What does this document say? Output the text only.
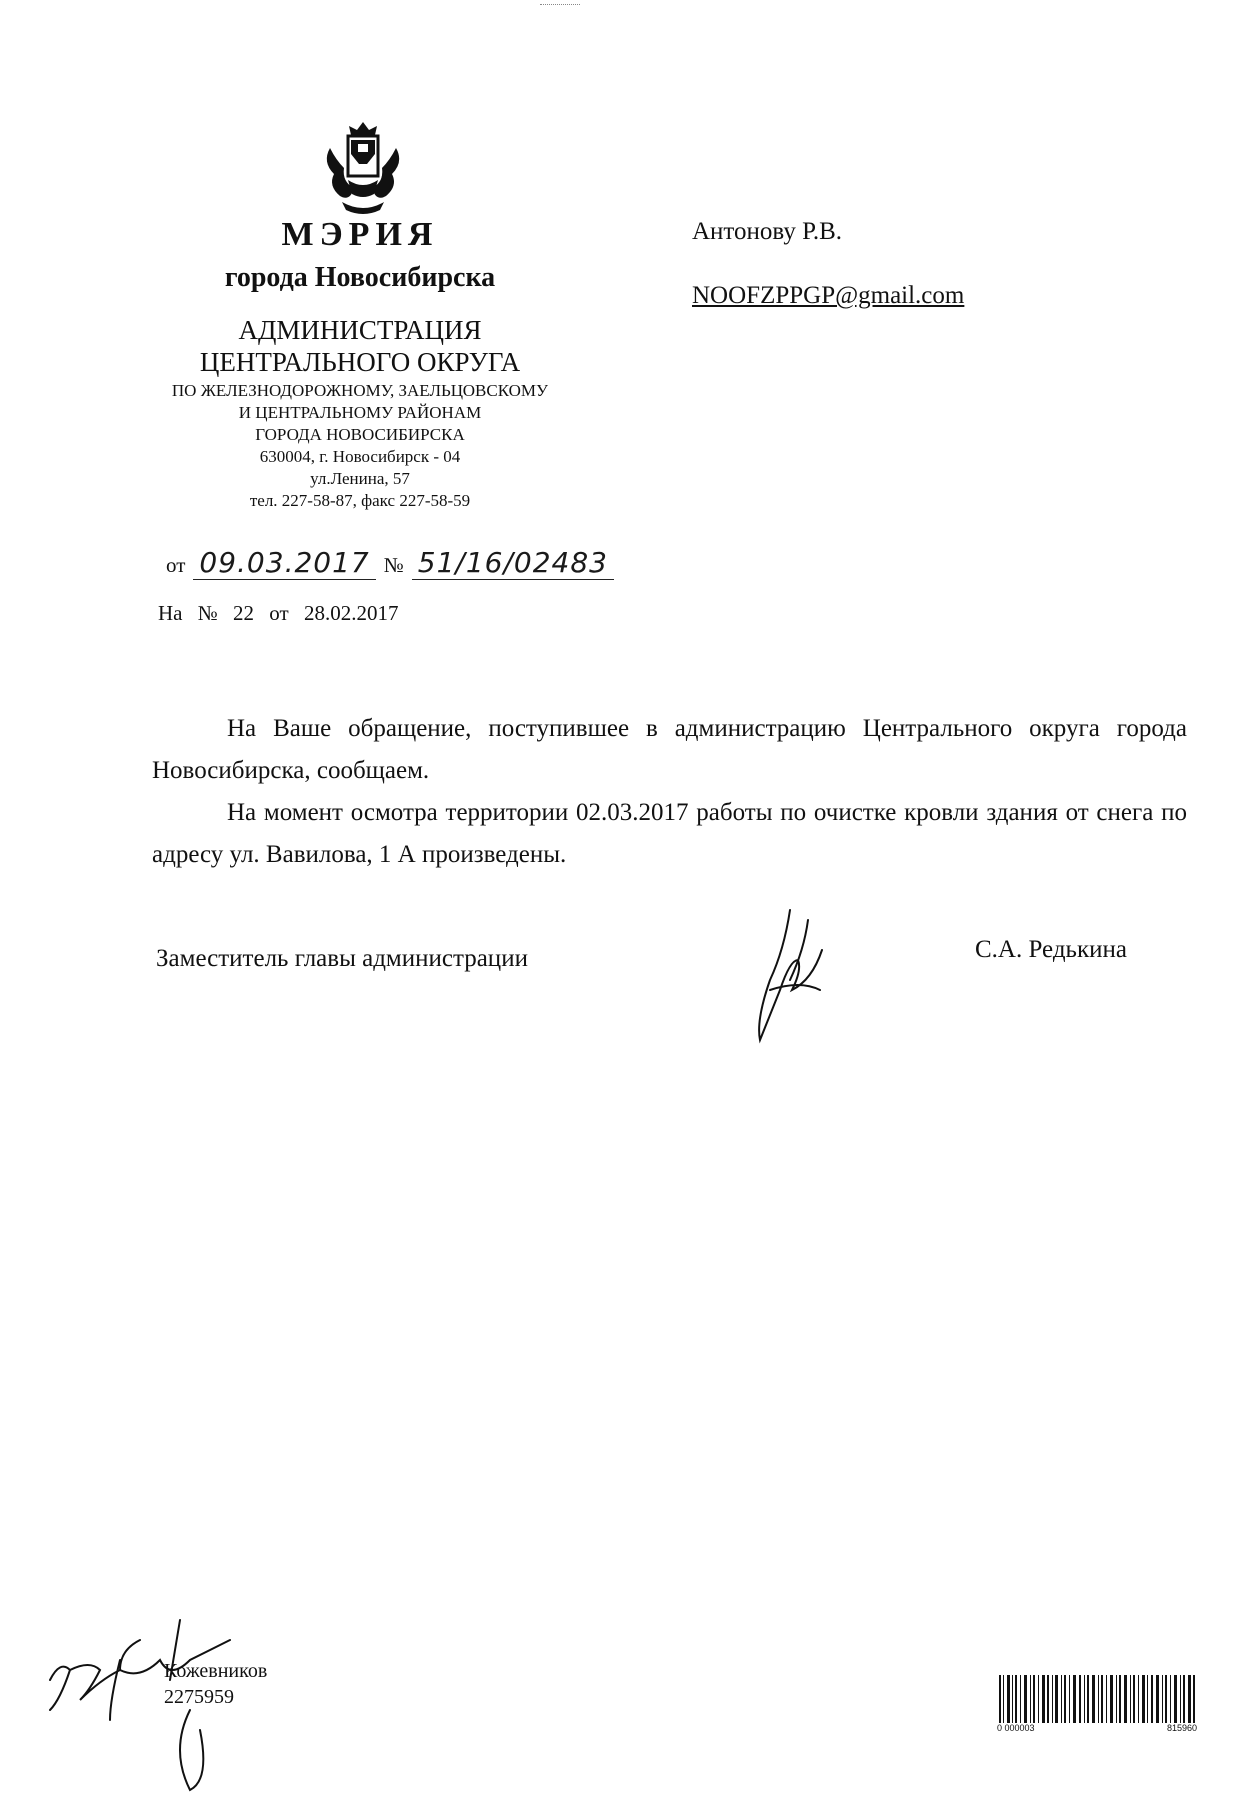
МЭРИЯ
города Новосибирска
АДМИНИСТРАЦИЯ
ЦЕНТРАЛЬНОГО ОКРУГА
ПО ЖЕЛЕЗНОДОРОЖНОМУ, ЗАЕЛЬЦОВСКОМУ
И ЦЕНТРАЛЬНОМУ РАЙОНАМ
ГОРОДА НОВОСИБИРСКА
630004, г. Новосибирск - 04
ул.Ленина, 57
тел. 227-58-87, факс 227-58-59
Антонову Р.В.
NOOFZPPGP@gmail.com
от 09.03.2017 № 51/16/02483
На № 22 от 28.02.2017

На Ваше обращение, поступившее в администрацию Центрального округа города Новосибирска, сообщаем.

На момент осмотра территории 02.03.2017 работы по очистке кровли здания от снега по адресу ул. Вавилова, 1 А произведены.

Заместитель главы администрации	С.А. Редькина
Кожевников
2275959
0 000003	815960
